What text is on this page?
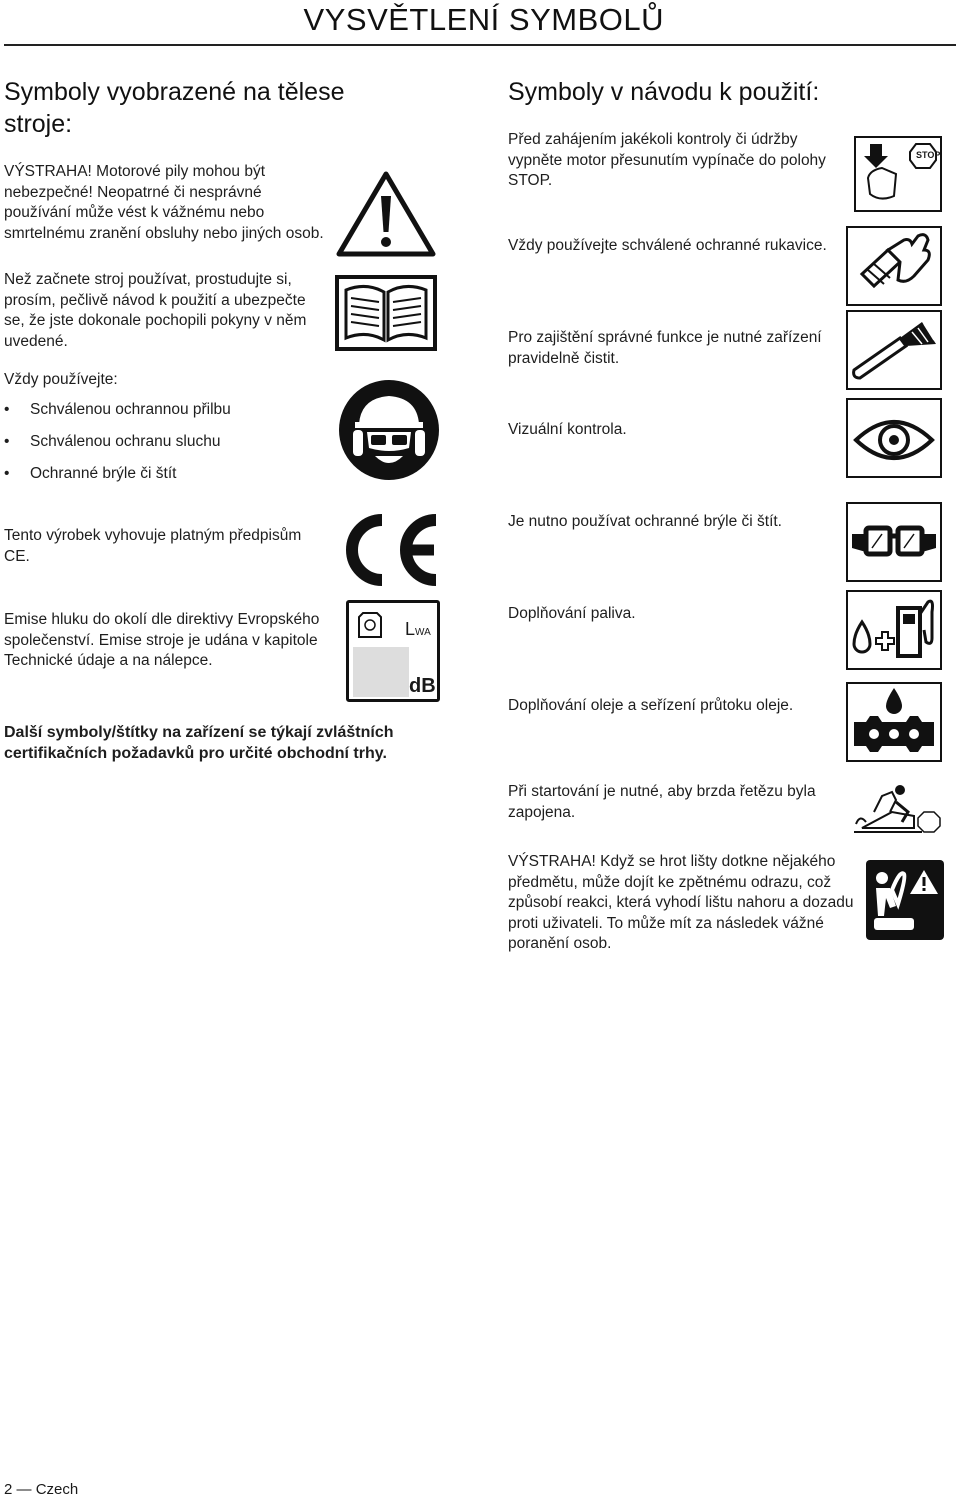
VYSVĚTLENÍ SYMBOLŮ
Symboly vyobrazené na tělese stroje:
VÝSTRAHA! Motorové pily mohou být
nebezpečné! Neopatrné či nesprávné
používání může vést k vážnému nebo
smrtelnému zranění obsluhy nebo jiných osob.
Než začnete stroj používat, prostudujte si,
prosím, pečlivě návod k použití a ubezpečte
se, že jste dokonale pochopili pokyny v něm
uvedené.
Vždy používejte:
• Schválenou ochrannou přilbu
• Schválenou ochranu sluchu
• Ochranné brýle či štít
Tento výrobek vyhovuje platným předpisům
CE.
Emise hluku do okolí dle direktivy Evropského
společenství. Emise stroje je udána v kapitole
Technické údaje a na nálepce.
LWA
dB
Další symboly/štítky na zařízení se týkají zvláštních
certifikačních požadavků pro určité obchodní trhy.
Symboly v návodu k použití:
Před zahájením jakékoli kontroly či údržby
vypněte motor přesunutím vypínače do polohy
STOP.
STOP
Vždy používejte schválené ochranné rukavice.
Pro zajištění správné funkce je nutné zařízení
pravidelně čistit.
Vizuální kontrola.
Je nutno používat ochranné brýle či štít.
Doplňování paliva.
Doplňování oleje a seřízení průtoku oleje.
Při startování je nutné, aby brzda řetězu byla
zapojena.
VÝSTRAHA! Když se hrot lišty dotkne nějakého
předmětu, může dojít ke zpětnému odrazu, což
způsobí reakci, která vyhodí lištu nahoru a dozadu
proti uživateli. To může mít za následek vážné
poranění osob.
2 — Czech
